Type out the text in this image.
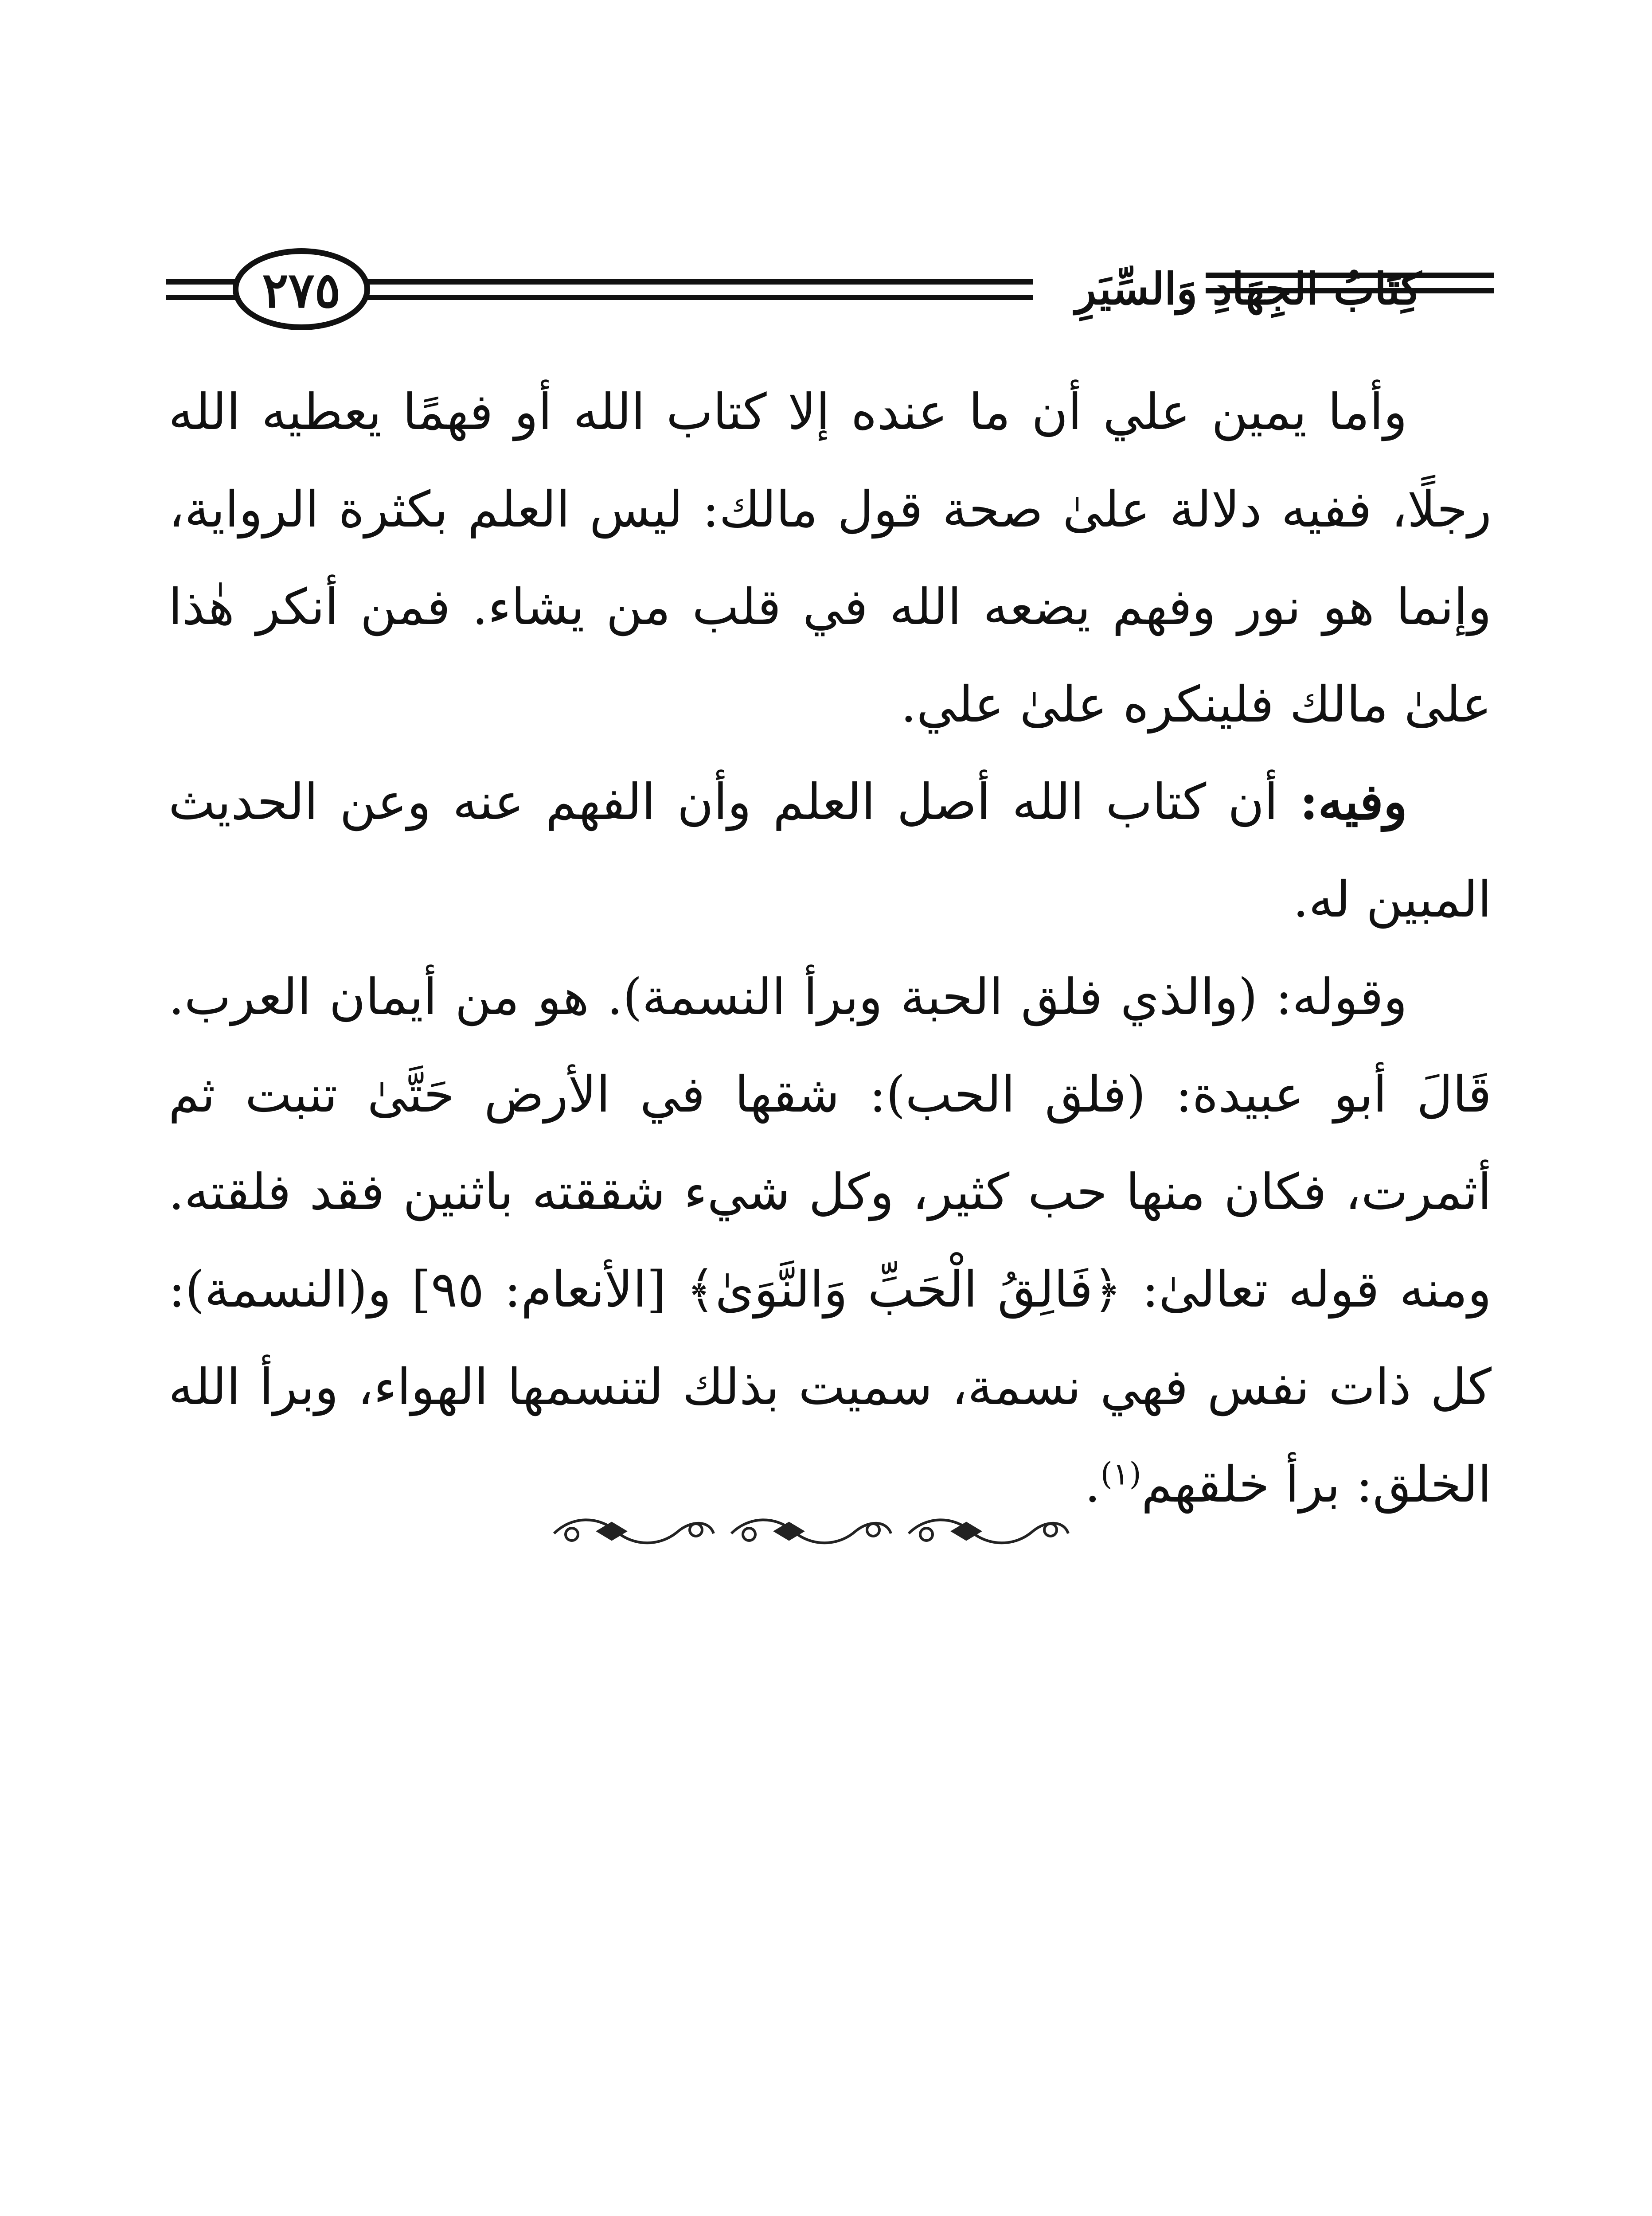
كِتَابُ الجِهَادِ وَالسِّيَرِ
٢٧٥

وأما يمين علي أن ما عنده إلا كتاب الله أو فهمًا يعطيه الله رجلًا، ففيه دلالة علىٰ صحة قول مالك: ليس العلم بكثرة الرواية، وإنما هو نور وفهم يضعه الله في قلب من يشاء. فمن أنكر هٰذا علىٰ مالك فلينكره علىٰ علي.

وفيه: أن كتاب الله أصل العلم وأن الفهم عنه وعن الحديث المبين له.

وقوله: (والذي فلق الحبة وبرأ النسمة). هو من أيمان العرب. قَالَ أبو عبيدة: (فلق الحب): شقها في الأرض حَتَّىٰ تنبت ثم أثمرت، فكان منها حب كثير، وكل شيء شققته باثنين فقد فلقته. ومنه قوله تعالىٰ: ﴿فَالِقُ الْحَبِّ وَالنَّوَىٰ﴾ [الأنعام: ٩٥] و(النسمة): كل ذات نفس فهي نسمة، سميت بذلك لتنسمها الهواء، وبرأ الله الخلق: برأ خلقهم$^{(١)}$.
